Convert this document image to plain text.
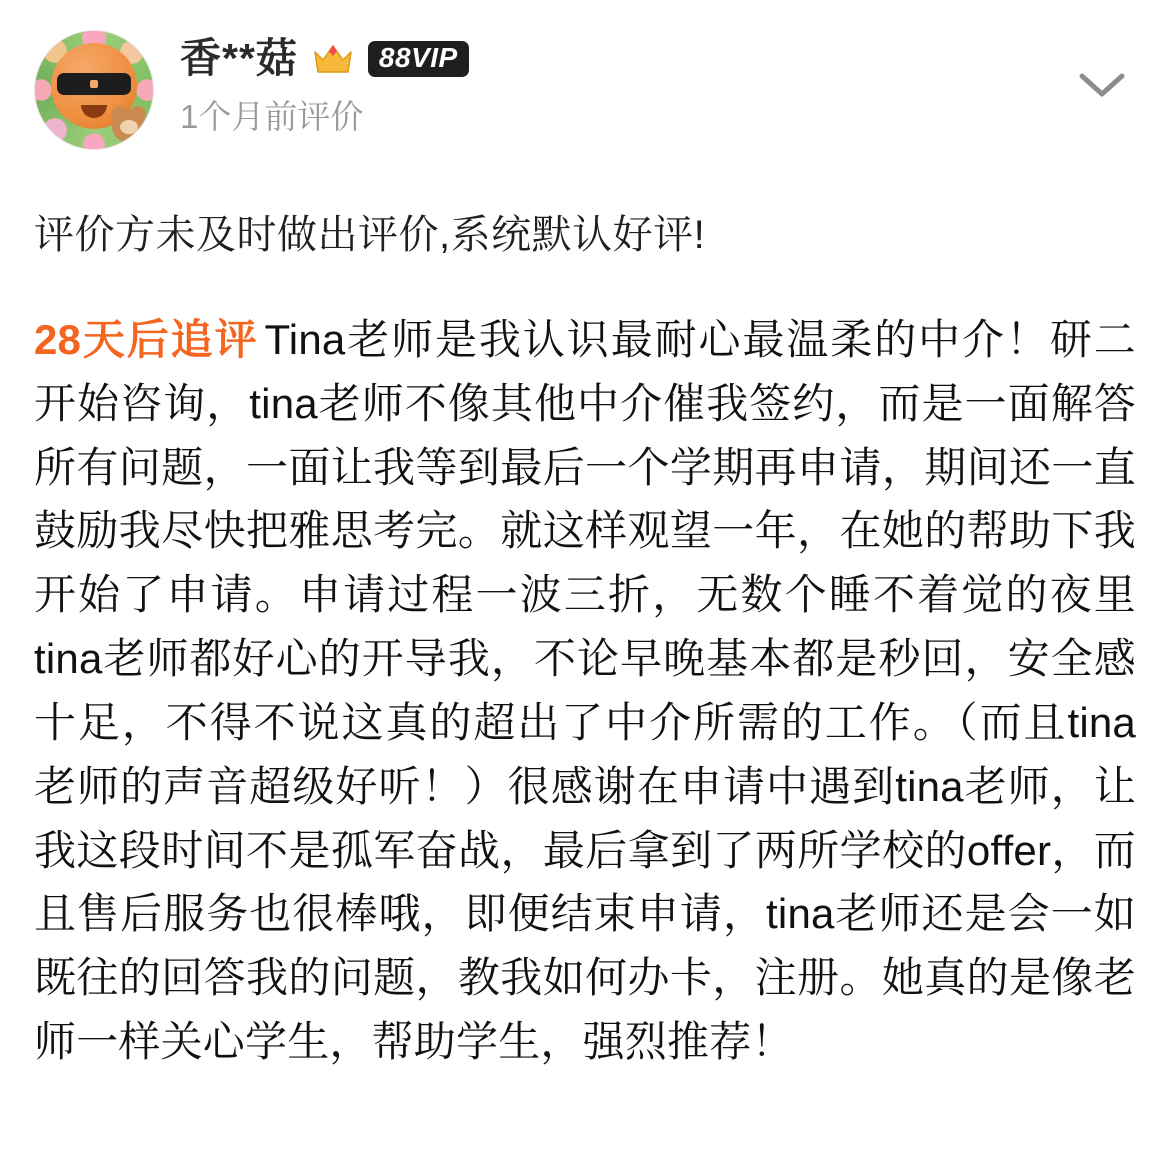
香**菇	88VIP
1个月前评价
评价方未及时做出评价,系统默认好评!
28天后追评 Tina老师是我认识最耐心最温柔的中介！研二开始咨询，tina老师不像其他中介催我签约，而是一面解答所有问题，一面让我等到最后一个学期再申请，期间还一直鼓励我尽快把雅思考完。就这样观望一年，在她的帮助下我开始了申请。申请过程一波三折，无数个睡不着觉的夜里tina老师都好心的开导我，不论早晚基本都是秒回，安全感十足，不得不说这真的超出了中介所需的工作。（而且tina老师的声音超级好听！）很感谢在申请中遇到tina老师，让我这段时间不是孤军奋战，最后拿到了两所学校的offer，而且售后服务也很棒哦，即便结束申请，tina老师还是会一如既往的回答我的问题，教我如何办卡，注册。她真的是像老师一样关心学生，帮助学生，强烈推荐！
